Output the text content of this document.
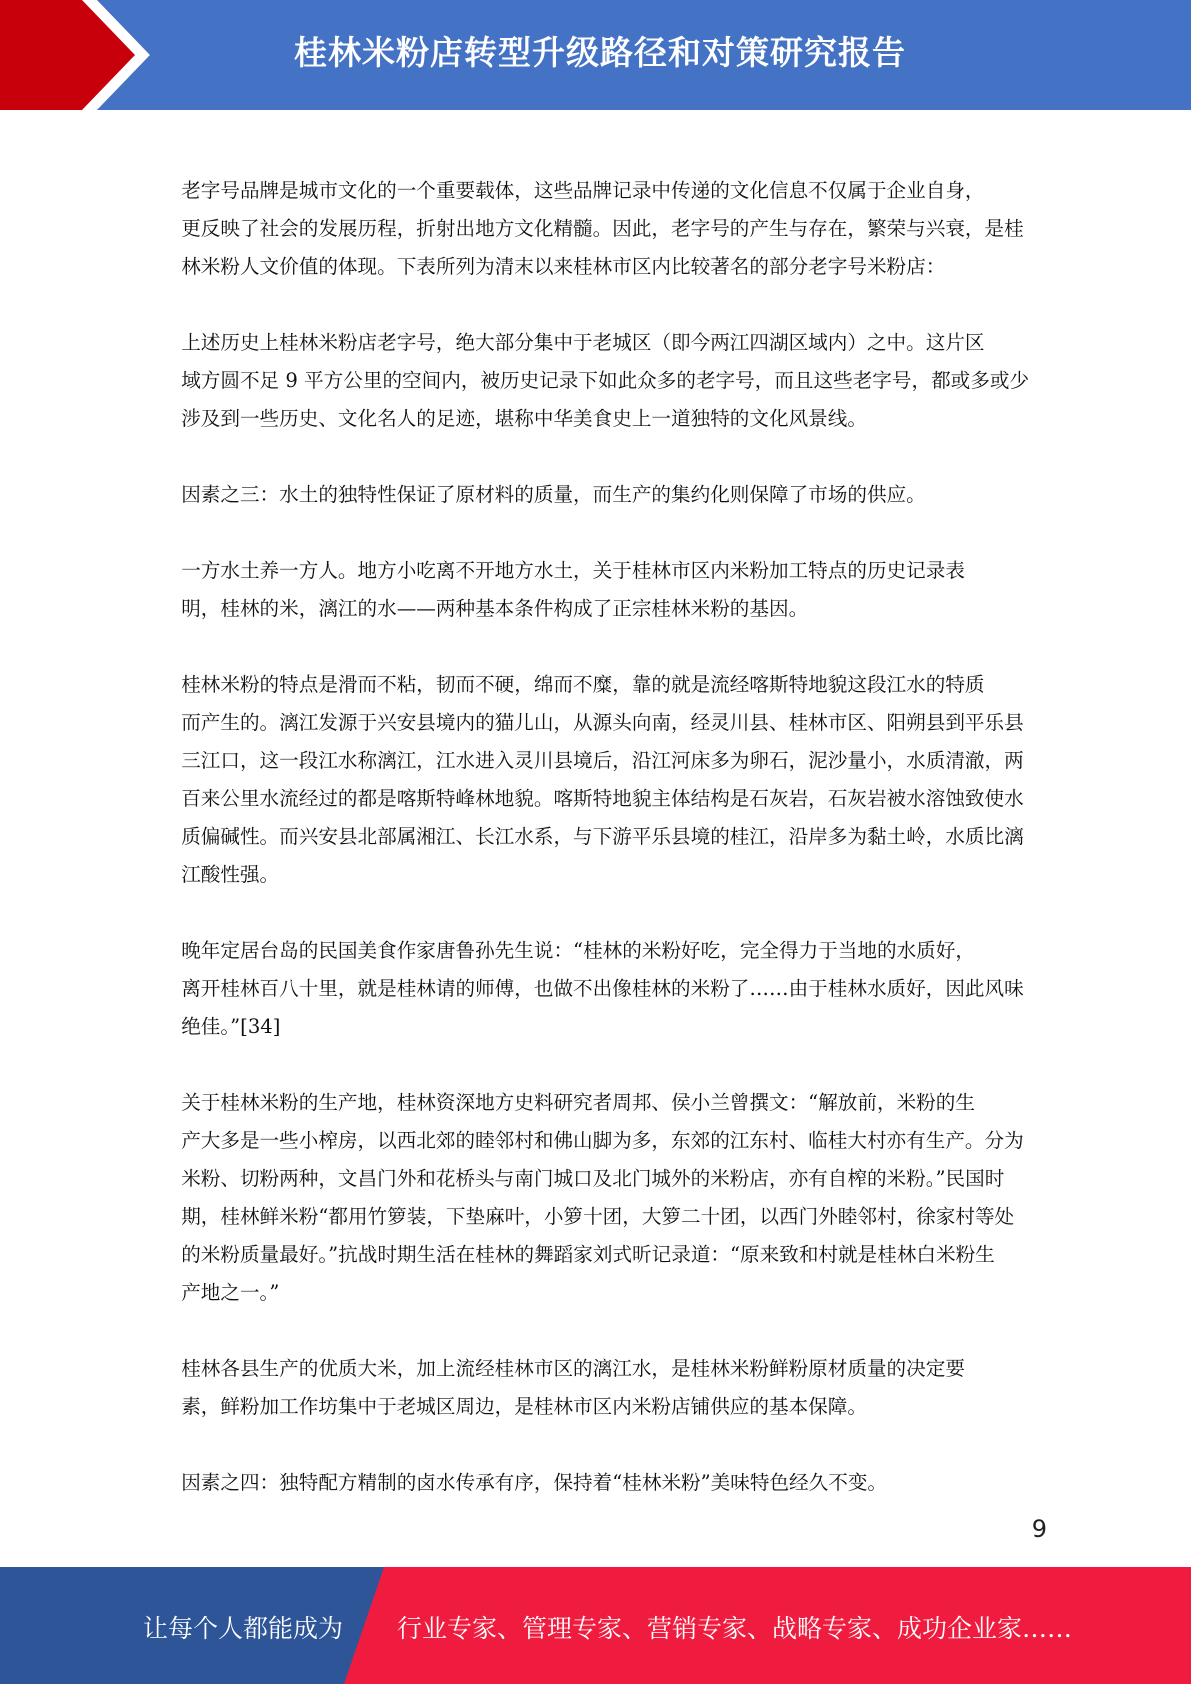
桂林米粉店转型升级路径和对策研究报告

老字号品牌是城市文化的一个重要载体，这些品牌记录中传递的文化信息不仅属于企业自身，
更反映了社会的发展历程，折射出地方文化精髓。因此，老字号的产生与存在，繁荣与兴衰，是桂
林米粉人文价值的体现。下表所列为清末以来桂林市区内比较著名的部分老字号米粉店：

上述历史上桂林米粉店老字号，绝大部分集中于老城区（即今两江四湖区域内）之中。这片区
域方圆不足 9 平方公里的空间内，被历史记录下如此众多的老字号，而且这些老字号，都或多或少
涉及到一些历史、文化名人的足迹，堪称中华美食史上一道独特的文化风景线。

因素之三：水土的独特性保证了原材料的质量，而生产的集约化则保障了市场的供应。

一方水土养一方人。地方小吃离不开地方水土，关于桂林市区内米粉加工特点的历史记录表
明，桂林的米，漓江的水——两种基本条件构成了正宗桂林米粉的基因。

桂林米粉的特点是滑而不粘，韧而不硬，绵而不糜，靠的就是流经喀斯特地貌这段江水的特质
而产生的。漓江发源于兴安县境内的猫儿山，从源头向南，经灵川县、桂林市区、阳朔县到平乐县
三江口，这一段江水称漓江，江水进入灵川县境后，沿江河床多为卵石，泥沙量小，水质清澈，两
百来公里水流经过的都是喀斯特峰林地貌。喀斯特地貌主体结构是石灰岩，石灰岩被水溶蚀致使水
质偏碱性。而兴安县北部属湘江、长江水系，与下游平乐县境的桂江，沿岸多为黏土岭，水质比漓
江酸性强。

晚年定居台岛的民国美食作家唐鲁孙先生说：“桂林的米粉好吃，完全得力于当地的水质好，
离开桂林百八十里，就是桂林请的师傅，也做不出像桂林的米粉了……由于桂林水质好，因此风味
绝佳。”[34]

关于桂林米粉的生产地，桂林资深地方史料研究者周邦、侯小兰曾撰文：“解放前，米粉的生
产大多是一些小榨房，以西北郊的睦邻村和佛山脚为多，东郊的江东村、临桂大村亦有生产。分为
米粉、切粉两种，文昌门外和花桥头与南门城口及北门城外的米粉店，亦有自榨的米粉。”民国时
期，桂林鲜米粉“都用竹箩装，下垫麻叶，小箩十团，大箩二十团，以西门外睦邻村，徐家村等处
的米粉质量最好。”抗战时期生活在桂林的舞蹈家刘式昕记录道：“原来致和村就是桂林白米粉生
产地之一。”

桂林各县生产的优质大米，加上流经桂林市区的漓江水，是桂林米粉鲜粉原材质量的决定要
素，鲜粉加工作坊集中于老城区周边，是桂林市区内米粉店铺供应的基本保障。

因素之四：独特配方精制的卤水传承有序，保持着“桂林米粉”美味特色经久不变。

9
让每个人都能成为 行业专家、管理专家、营销专家、战略专家、成功企业家……
